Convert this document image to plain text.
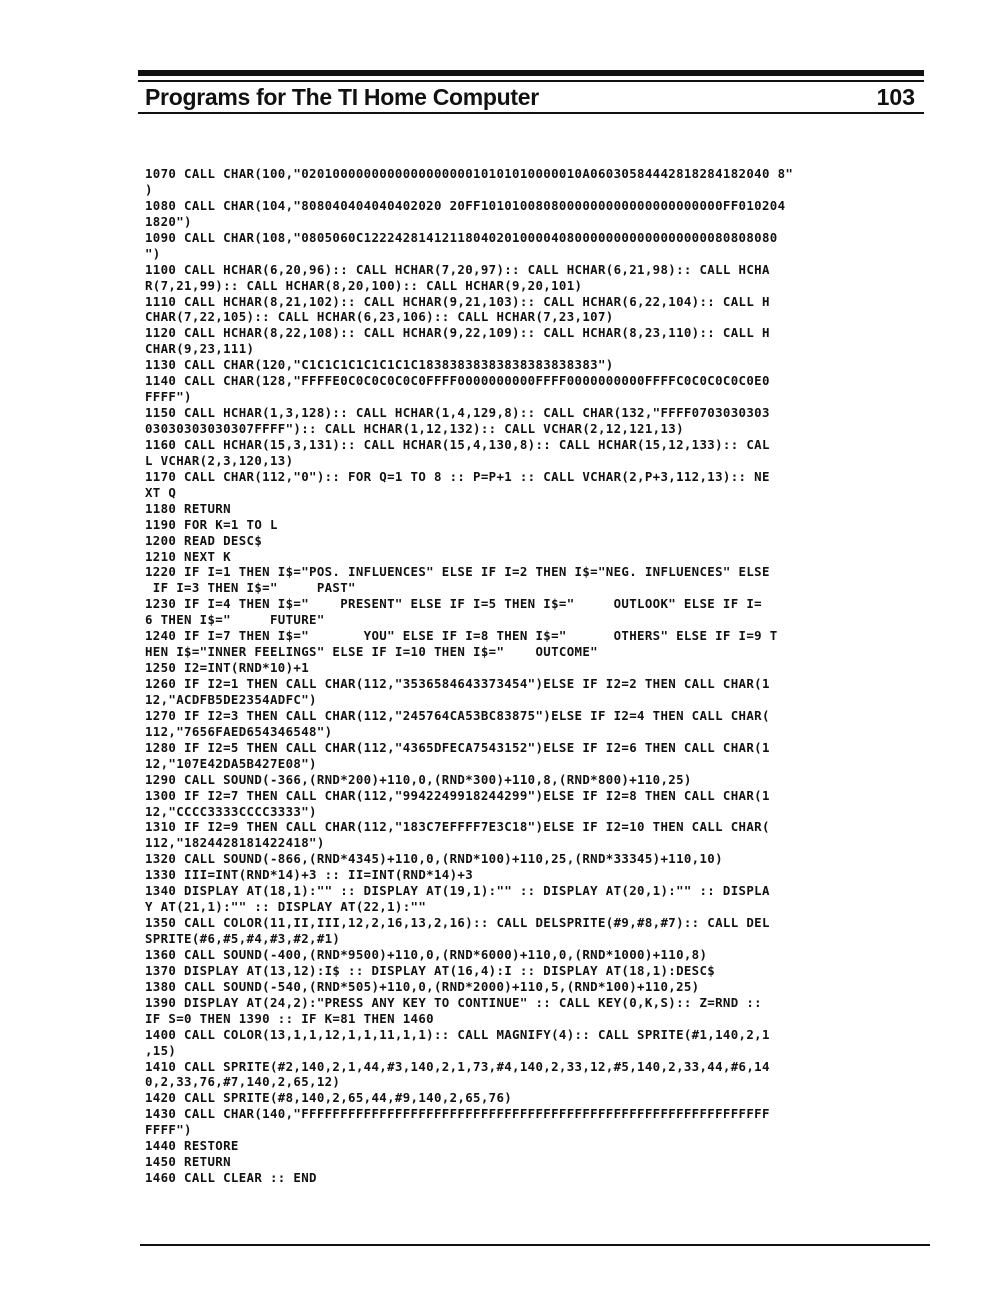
Programs for The TI Home Computer	103
1070 CALL CHAR(100,"020100000000000000000010101010000010A06030584442818284182040 8"
)
1080 CALL CHAR(104,"808040404040402020 20FF1010100808000000000000000000000FF010204
1820")
1090 CALL CHAR(108,"0805060C12224281412118040201000040800000000000000000080808080
")
1100 CALL HCHAR(6,20,96):: CALL HCHAR(7,20,97):: CALL HCHAR(6,21,98):: CALL HCHA
R(7,21,99):: CALL HCHAR(8,20,100):: CALL HCHAR(9,20,101)
1110 CALL HCHAR(8,21,102):: CALL HCHAR(9,21,103):: CALL HCHAR(6,22,104):: CALL H
CHAR(7,22,105):: CALL HCHAR(6,23,106):: CALL HCHAR(7,23,107)
1120 CALL HCHAR(8,22,108):: CALL HCHAR(9,22,109):: CALL HCHAR(8,23,110):: CALL H
CHAR(9,23,111)
1130 CALL CHAR(120,"C1C1C1C1C1C1C1C18383838383838383838383")
1140 CALL CHAR(128,"FFFFE0C0C0C0C0C0FFFF0000000000FFFF0000000000FFFFC0C0C0C0C0E0
FFFF")
1150 CALL HCHAR(1,3,128):: CALL HCHAR(1,4,129,8):: CALL CHAR(132,"FFFF0703030303
03030303030307FFFF"):: CALL HCHAR(1,12,132):: CALL VCHAR(2,12,121,13)
1160 CALL HCHAR(15,3,131):: CALL HCHAR(15,4,130,8):: CALL HCHAR(15,12,133):: CAL
L VCHAR(2,3,120,13)
1170 CALL CHAR(112,"0"):: FOR Q=1 TO 8 :: P=P+1 :: CALL VCHAR(2,P+3,112,13):: NE
XT Q
1180 RETURN
1190 FOR K=1 TO L
1200 READ DESC$
1210 NEXT K
1220 IF I=1 THEN I$="POS. INFLUENCES" ELSE IF I=2 THEN I$="NEG. INFLUENCES" ELSE
IF I=3 THEN I$="     PAST"
1230 IF I=4 THEN I$="    PRESENT" ELSE IF I=5 THEN I$="     OUTLOOK" ELSE IF I=
6 THEN I$="     FUTURE"
1240 IF I=7 THEN I$="       YOU" ELSE IF I=8 THEN I$="      OTHERS" ELSE IF I=9 T
HEN I$="INNER FEELINGS" ELSE IF I=10 THEN I$="    OUTCOME"
1250 I2=INT(RND*10)+1
1260 IF I2=1 THEN CALL CHAR(112,"3536584643373454")ELSE IF I2=2 THEN CALL CHAR(1
12,"ACDFB5DE2354ADFC")
1270 IF I2=3 THEN CALL CHAR(112,"245764CA53BC83875")ELSE IF I2=4 THEN CALL CHAR(
112,"7656FAED654346548")
1280 IF I2=5 THEN CALL CHAR(112,"4365DFECA7543152")ELSE IF I2=6 THEN CALL CHAR(1
12,"107E42DA5B427E08")
1290 CALL SOUND(-366,(RND*200)+110,0,(RND*300)+110,8,(RND*800)+110,25)
1300 IF I2=7 THEN CALL CHAR(112,"9942249918244299")ELSE IF I2=8 THEN CALL CHAR(1
12,"CCCC3333CCCC3333")
1310 IF I2=9 THEN CALL CHAR(112,"183C7EFFFF7E3C18")ELSE IF I2=10 THEN CALL CHAR(
112,"1824428181422418")
1320 CALL SOUND(-866,(RND*4345)+110,0,(RND*100)+110,25,(RND*33345)+110,10)
1330 III=INT(RND*14)+3 :: II=INT(RND*14)+3
1340 DISPLAY AT(18,1):"" :: DISPLAY AT(19,1):"" :: DISPLAY AT(20,1):"" :: DISPLA
Y AT(21,1):"" :: DISPLAY AT(22,1):""
1350 CALL COLOR(11,II,III,12,2,16,13,2,16):: CALL DELSPRITE(#9,#8,#7):: CALL DEL
SPRITE(#6,#5,#4,#3,#2,#1)
1360 CALL SOUND(-400,(RND*9500)+110,0,(RND*6000)+110,0,(RND*1000)+110,8)
1370 DISPLAY AT(13,12):I$ :: DISPLAY AT(16,4):I :: DISPLAY AT(18,1):DESC$
1380 CALL SOUND(-540,(RND*505)+110,0,(RND*2000)+110,5,(RND*100)+110,25)
1390 DISPLAY AT(24,2):"PRESS ANY KEY TO CONTINUE" :: CALL KEY(0,K,S):: Z=RND ::
IF S=0 THEN 1390 :: IF K=81 THEN 1460
1400 CALL COLOR(13,1,1,12,1,1,11,1,1):: CALL MAGNIFY(4):: CALL SPRITE(#1,140,2,1
,15)
1410 CALL SPRITE(#2,140,2,1,44,#3,140,2,1,73,#4,140,2,33,12,#5,140,2,33,44,#6,14
0,2,33,76,#7,140,2,65,12)
1420 CALL SPRITE(#8,140,2,65,44,#9,140,2,65,76)
1430 CALL CHAR(140,"FFFFFFFFFFFFFFFFFFFFFFFFFFFFFFFFFFFFFFFFFFFFFFFFFFFFFFFFFFFF
FFFF")
1440 RESTORE
1450 RETURN
1460 CALL CLEAR :: END
